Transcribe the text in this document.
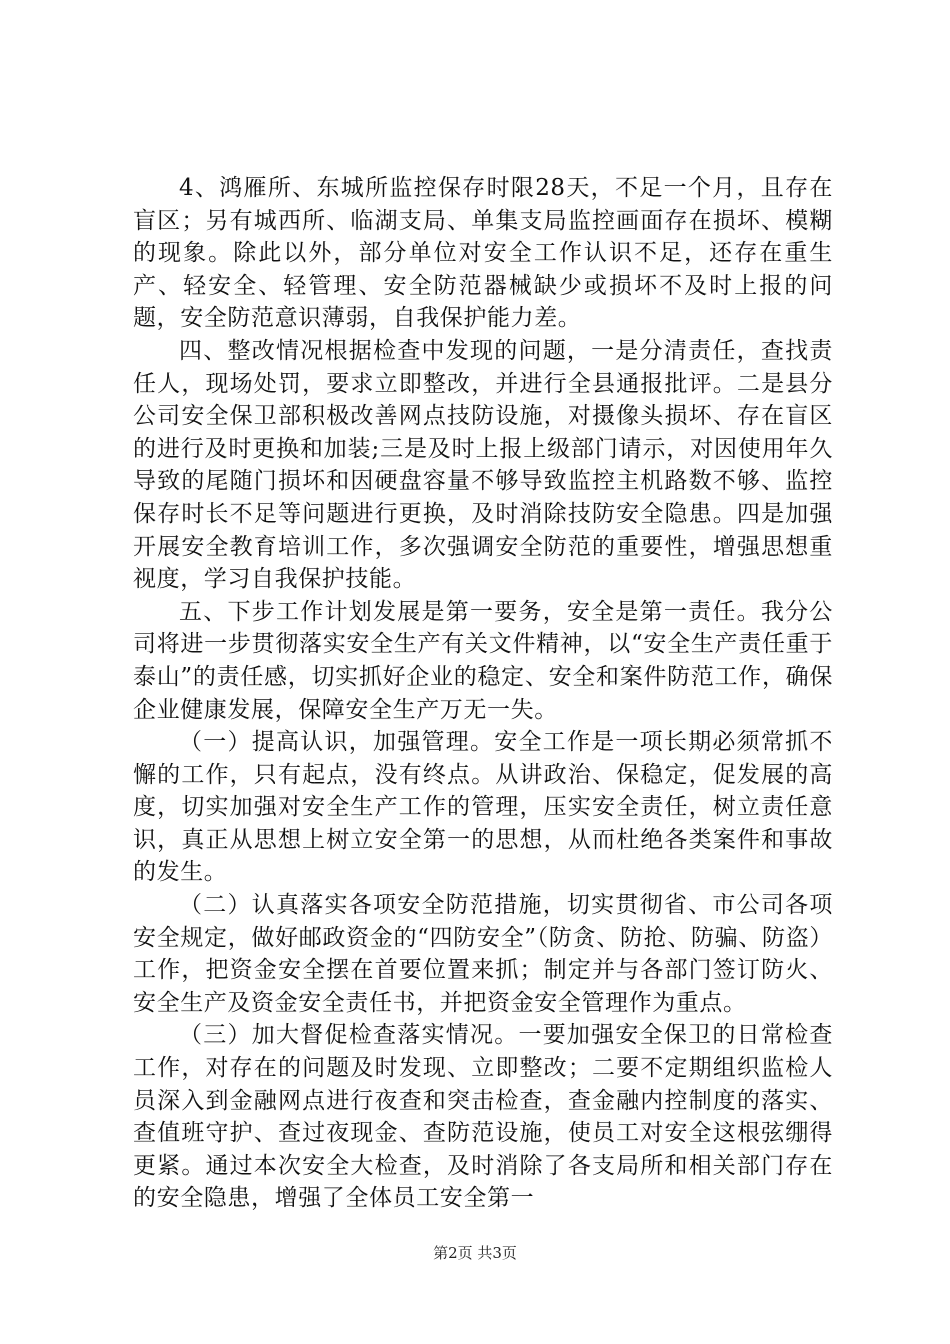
4、鸿雁所、东城所监控保存时限28天，不足一个月，且存在盲区；另有城西所、临湖支局、单集支局监控画面存在损坏、模糊的现象。除此以外，部分单位对安全工作认识不足，还存在重生产、轻安全、轻管理、安全防范器械缺少或损坏不及时上报的问题，安全防范意识薄弱，自我保护能力差。

四、整改情况根据检查中发现的问题，一是分清责任，查找责任人，现场处罚，要求立即整改，并进行全县通报批评。二是县分公司安全保卫部积极改善网点技防设施，对摄像头损坏、存在盲区的进行及时更换和加装;三是及时上报上级部门请示，对因使用年久导致的尾随门损坏和因硬盘容量不够导致监控主机路数不够、监控保存时长不足等问题进行更换，及时消除技防安全隐患。四是加强开展安全教育培训工作，多次强调安全防范的重要性，增强思想重视度，学习自我保护技能。

五、下步工作计划发展是第一要务，安全是第一责任。我分公司将进一步贯彻落实安全生产有关文件精神，以“安全生产责任重于泰山”的责任感，切实抓好企业的稳定、安全和案件防范工作，确保企业健康发展，保障安全生产万无一失。

（一）提高认识，加强管理。安全工作是一项长期必须常抓不懈的工作，只有起点，没有终点。从讲政治、保稳定，促发展的高度，切实加强对安全生产工作的管理，压实安全责任，树立责任意识，真正从思想上树立安全第一的思想，从而杜绝各类案件和事故的发生。

（二）认真落实各项安全防范措施，切实贯彻省、市公司各项安全规定，做好邮政资金的“四防安全”（防贪、防抢、防骗、防盗）工作，把资金安全摆在首要位置来抓；制定并与各部门签订防火、安全生产及资金安全责任书，并把资金安全管理作为重点。

（三）加大督促检查落实情况。一要加强安全保卫的日常检查工作，对存在的问题及时发现、立即整改；二要不定期组织监检人员深入到金融网点进行夜查和突击检查，查金融内控制度的落实、查值班守护、查过夜现金、查防范设施，使员工对安全这根弦绷得更紧。通过本次安全大检查，及时消除了各支局所和相关部门存在的安全隐患，增强了全体员工安全第一

第2页 共3页
